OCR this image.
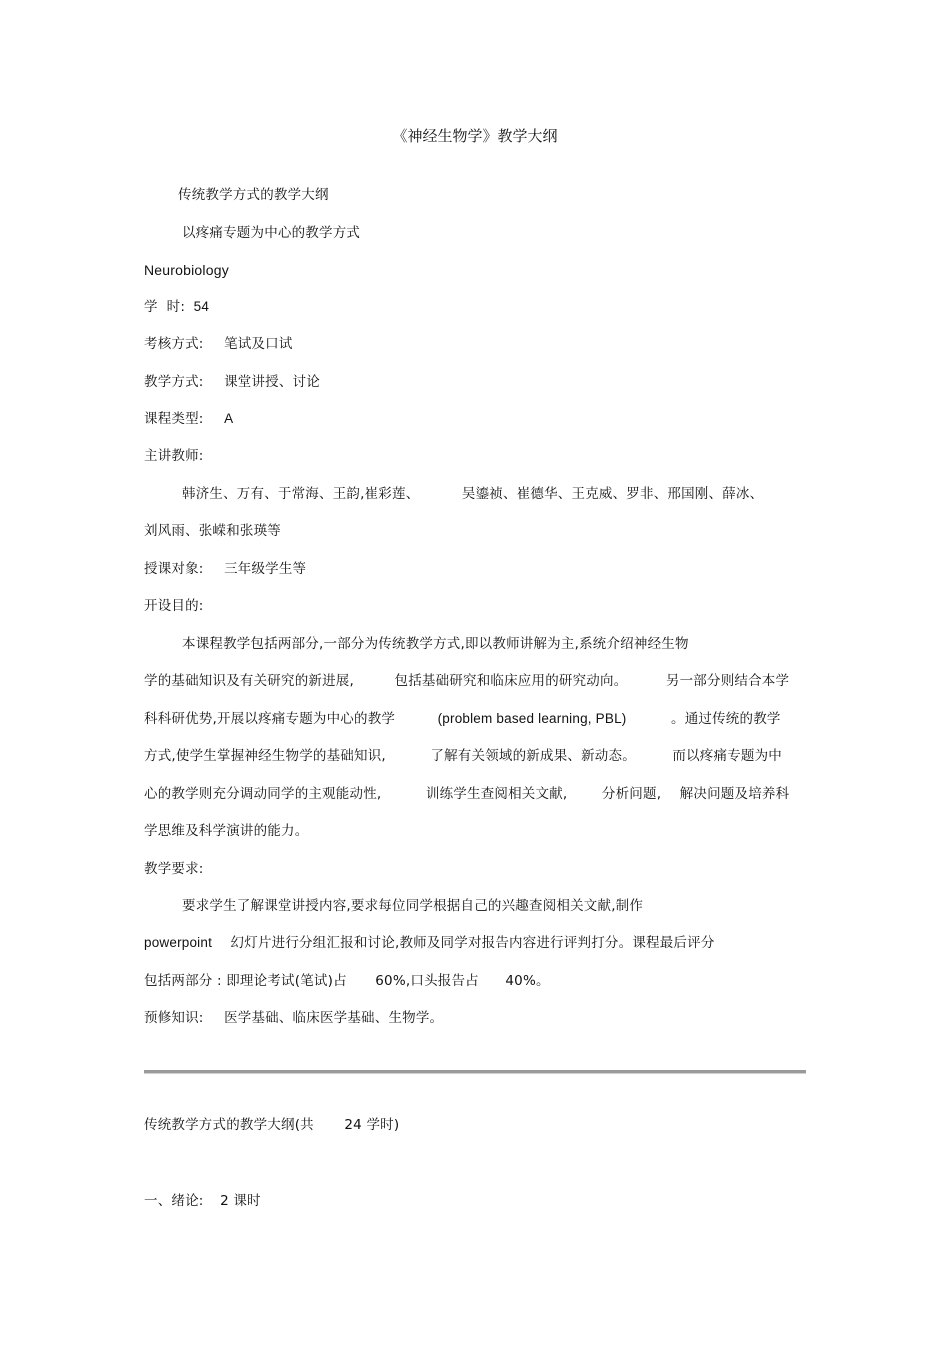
《神经生物学》教学大纲
传统教学方式的教学大纲
以疼痛专题为中心的教学方式
Neurobiology
学  时: 54
考核方式: 笔试及口试
教学方式: 课堂讲授、讨论
课程类型: A
主讲教师:
韩济生、万有、于常海、王韵,崔彩莲、	吴鎏祯、崔德华、王克威、罗非、邢国刚、薛冰、
刘风雨、张嵘和张瑛等
授课对象: 三年级学生等
开设目的:
本课程教学包括两部分,一部分为传统教学方式,即以教师讲解为主,系统介绍神经生物
学的基础知识及有关研究的新进展,	包括基础研究和临床应用的研究动向。	另一部分则结合本学
科科研优势,开展以疼痛专题为中心的教学	(problem based learning, PBL)	。通过传统的教学
方式,使学生掌握神经生物学的基础知识,	了解有关领域的新成果、新动态。	而以疼痛专题为中
心的教学则充分调动同学的主观能动性,	训练学生查阅相关文献,	分析问题, 解决问题及培养科
学思维及科学演讲的能力。
教学要求:
要求学生了解课堂讲授内容,要求每位同学根据自己的兴趣查阅相关文献,制作
powerpoint 幻灯片进行分组汇报和讨论,教师及同学对报告内容进行评判打分。课程最后评分
包括两部分 : 即理论考试(笔试)占 60%,口头报告占 40%。
预修知识: 医学基础、临床医学基础、生物学。
传统教学方式的教学大纲(共 24 学时)
一、绪论: 2 课时
